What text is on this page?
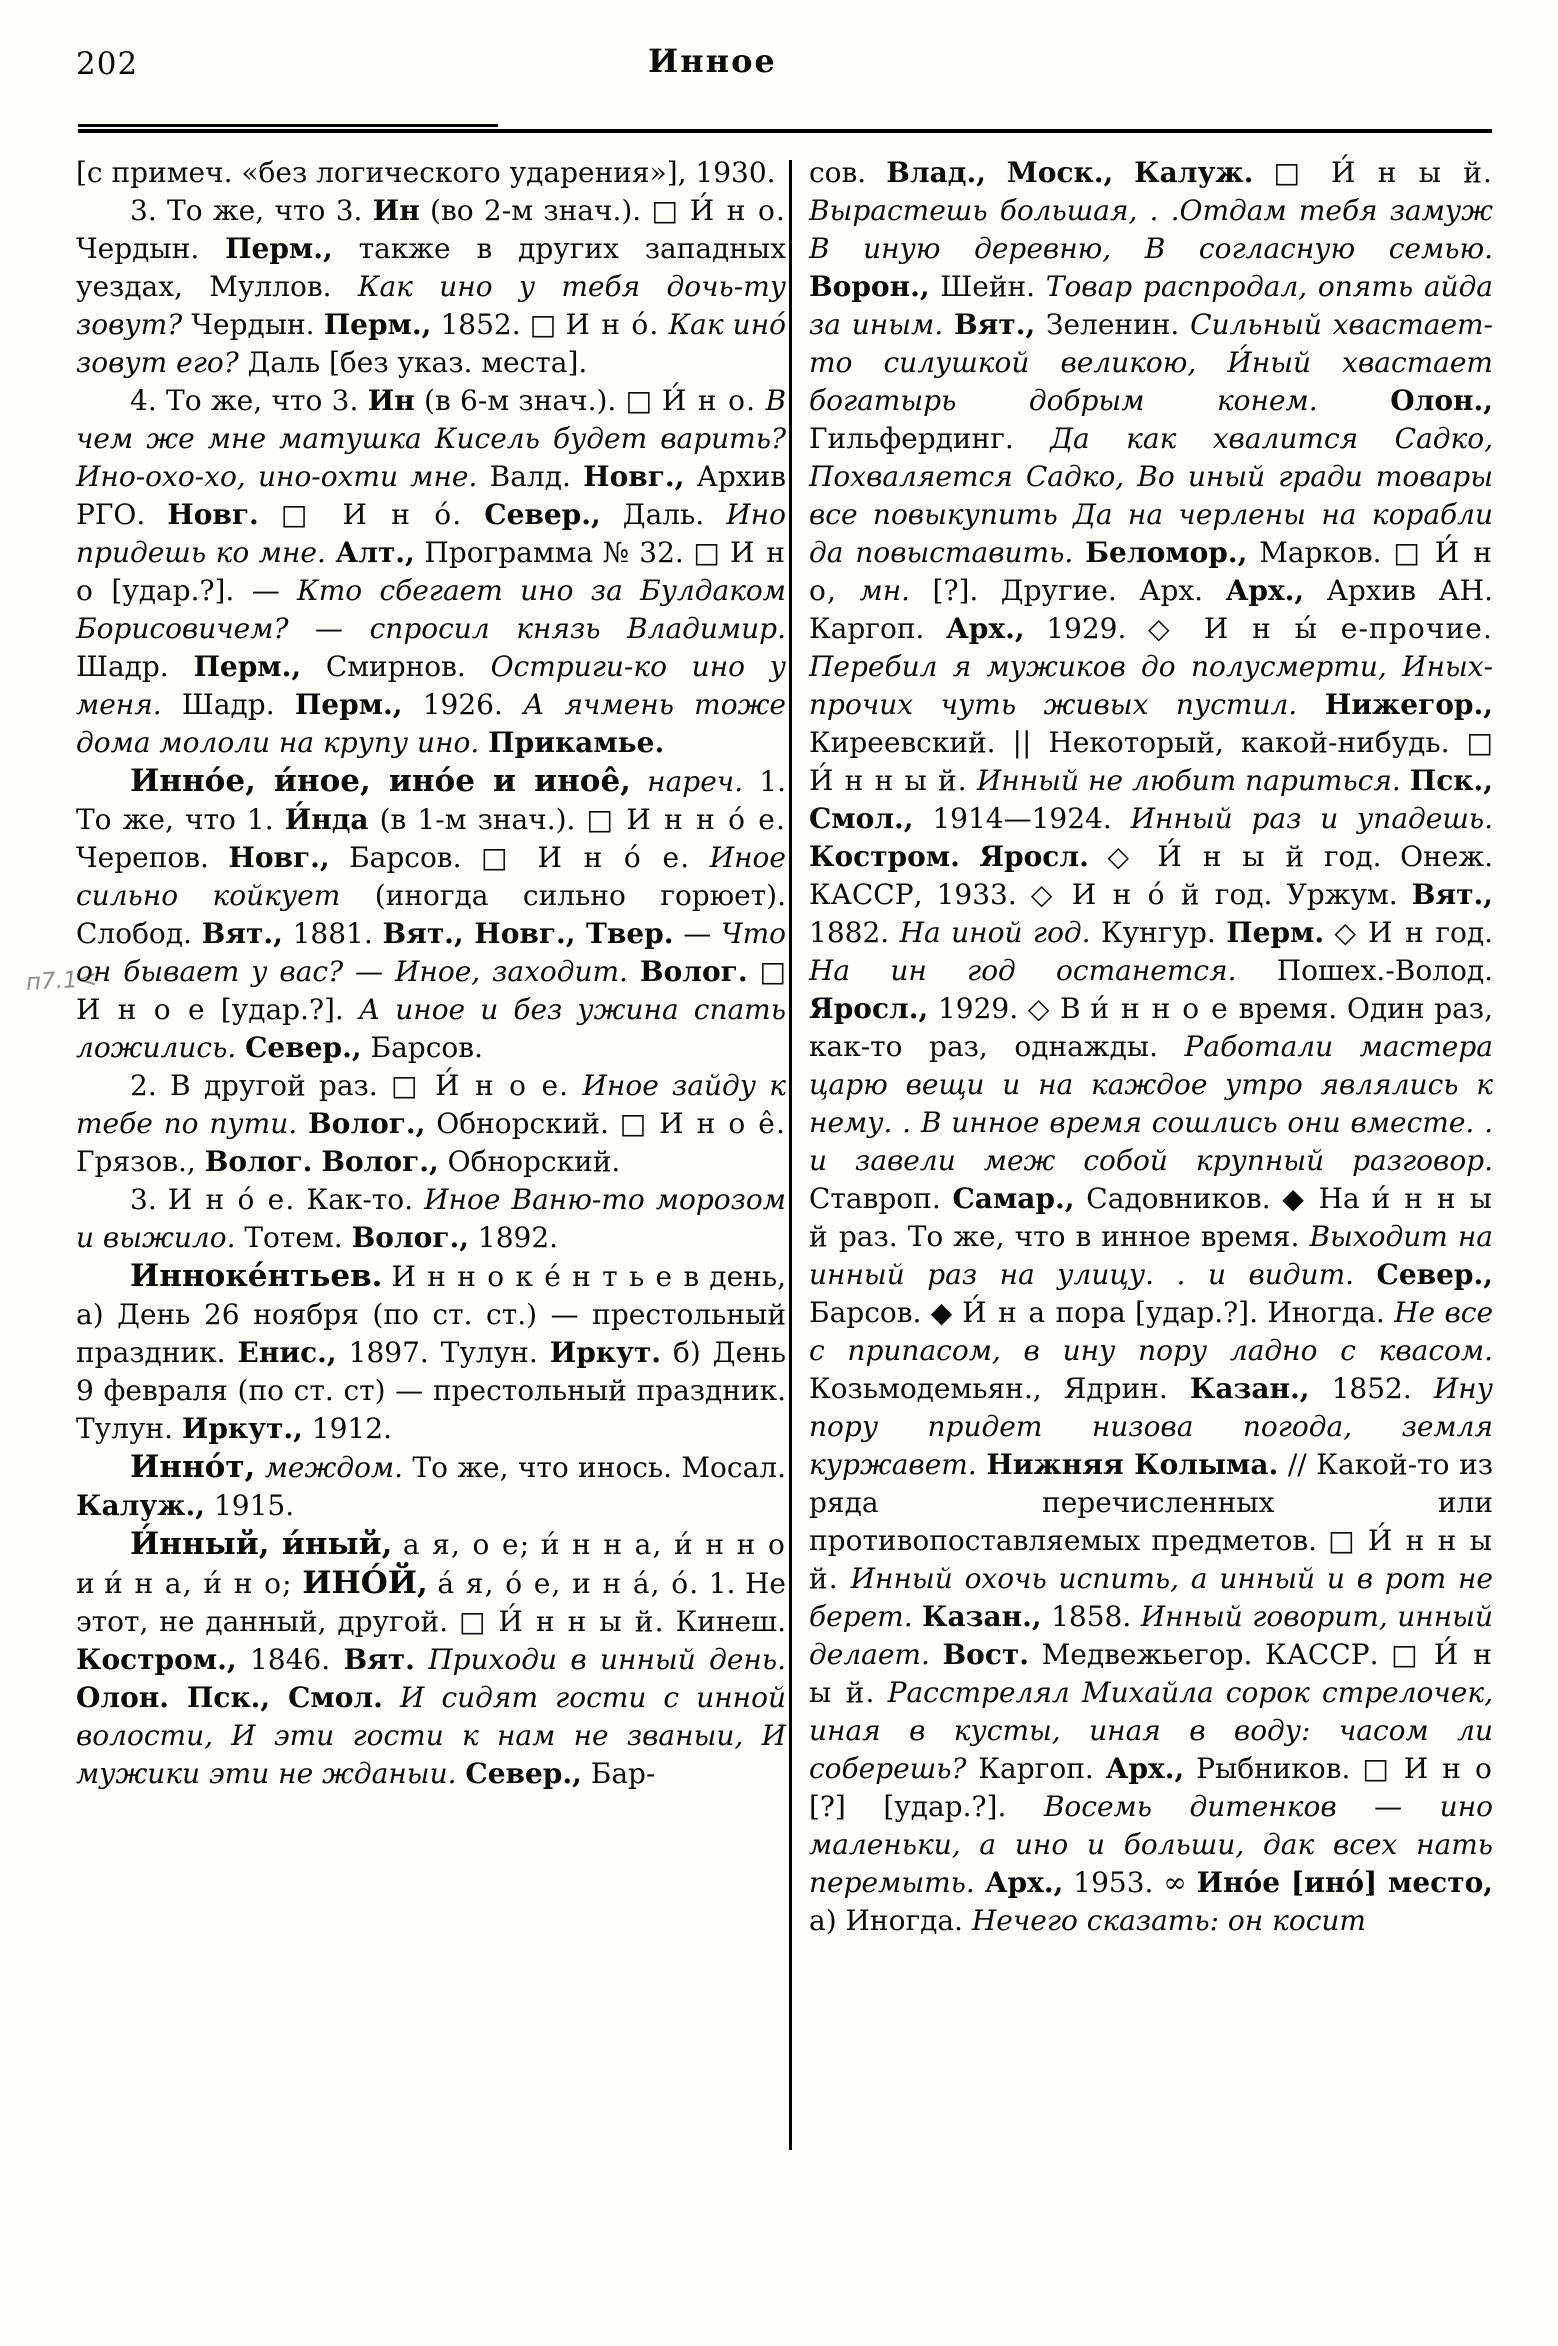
202	Инное
п7.1<

[с примеч. «без логического ударения»], 1930.

3. То же, что 3. Ин (во 2-м знач.). □ И́ н о. Чердын. Перм., также в других западных уездах, Муллов. Как ино у тебя дочь-ту зовут? Чердын. Перм., 1852. □ И н о́. Как ино́ зовут его? Даль [без указ. места].

4. То же, что 3. Ин (в 6-м знач.). □ И́ н о. В чем же мне матушка Кисель будет варить? Ино-охо-хо, ино-охти мне. Валд. Новг., Архив РГО. Новг. □ И н о́. Север., Даль. Ино придешь ко мне. Алт., Программа № 32. □ И н о [удар.?]. — Кто сбегает ино за Булдаком Борисовичем? — спросил князь Владимир. Шадр. Перм., Смирнов. Остриги-ко ино у меня. Шадр. Перм., 1926. А ячмень тоже дома мололи на крупу ино. Прикамье.

Инно́е, и́ное, ино́е и иное̂, нареч. 1. То же, что 1. И́нда (в 1-м знач.). □ И н н о́ е. Черепов. Новг., Барсов. □ И н о́ е. Иное сильно койкует (иногда сильно горюет). Слобод. Вят., 1881. Вят., Новг., Твер. — Что он бывает у вас? — Иное, заходит. Волог. □ И н о е [удар.?]. А иное и без ужина спать ложились. Север., Барсов.

2. В другой раз. □ И́ н о е. Иное зайду к тебе по пути. Волог., Обнорский. □ И н о е̂. Грязов., Волог. Волог., Обнорский.

3. И н о́ е. Как-то. Иное Ваню-то морозом и выжило. Тотем. Волог., 1892.

Инноке́нтьев. И н н о к е́ н т ь е в день, а) День 26 ноября (по ст. ст.) — престольный праздник. Енис., 1897. Тулун. Иркут. б) День 9 февраля (по ст. ст) — престольный праздник. Тулун. Иркут., 1912.

Инно́т, междом. То же, что инось. Мосал. Калуж., 1915.

И́нный, и́ный, а я, о е; и́ н н а, и́ н н о и и́ н а, и́ н о; ИНО́Й, а́ я, о́ е, и н а́, о́. 1. Не этот, не данный, другой. □ И́ н н ы й. Кинеш. Костром., 1846. Вят. Приходи в инный день. Олон. Пск., Смол. И сидят гости с инной волости, И эти гости к нам не званыи, И мужики эти не жданыи. Север., Бар-

сов. Влад., Моск., Калуж. □ И́ н ы й. Вырастешь большая, . .Отдам тебя замуж В иную деревню, В согласную семью. Ворон., Шейн. Товар распродал, опять айда за иным. Вят., Зеленин. Сильный хвастает-то силушкой великою, И́ный хвастает богатырь добрым конем.	Олон., Гильфердинг. Да как хвалится Садко, Похваляется Садко, Во иный гради товары все повыкупить Да на черлены на корабли да повыставить. Беломор., Марков. □ И́ н о, мн. [?]. Другие. Арх. Арх., Архив АН. Каргоп. Арх., 1929. ◇ И н ы́ е-прочие. Перебил я мужиков до полусмерти, Иных-прочих чуть живых пустил. Нижегор., Киреевский. || Некоторый, какой-нибудь. □ И́ н н ы й. Инный не любит париться. Пск., Смол., 1914—1924. Инный раз и упадешь. Костром. Яросл. ◇ И́ н ы й год. Онеж. КАССР, 1933. ◇ И н о́ й год. Уржум. Вят., 1882. На иной год. Кунгур. Перм. ◇ И н год. На ин год останется. Пошех.-Волод. Яросл., 1929. ◇ В и́ н н о е время. Один раз, как-то раз, однажды. Работали мастера царю вещи и на каждое утро являлись к нему. . В инное время сошлись они вместе. . и завели меж собой крупный разговор. Ставроп. Самар., Садовников. ◆ На и́ н н ы й раз. То же, что в инное время. Выходит на инный раз на улицу. . и видит. Север., Барсов. ◆ И́ н а пора [удар.?]. Иногда. Не все с припасом, в ину пору ладно с квасом. Козьмодемьян., Ядрин. Казан., 1852. Ину пору придет низова погода, земля куржавет. Нижняя Колыма. // Какой-то из ряда перечисленных или противопоставляемых предметов. □ И́ н н ы й. Инный охочь испить, а инный и в рот не берет. Казан., 1858. Инный говорит, инный делает. Вост. Медвежьегор. КАССР. □ И́ н ы й. Расстрелял Михайла сорок стрелочек, иная в кусты, иная в воду: часом ли соберешь? Каргоп. Арх., Рыбников. □ И н о [?] [удар.?]. Восемь дитенков — ино маленьки, а ино и больши, дак всех нать перемыть. Арх., 1953. ∞ Ино́е [ино́] место, а) Иногда. Нечего сказать: он косит
